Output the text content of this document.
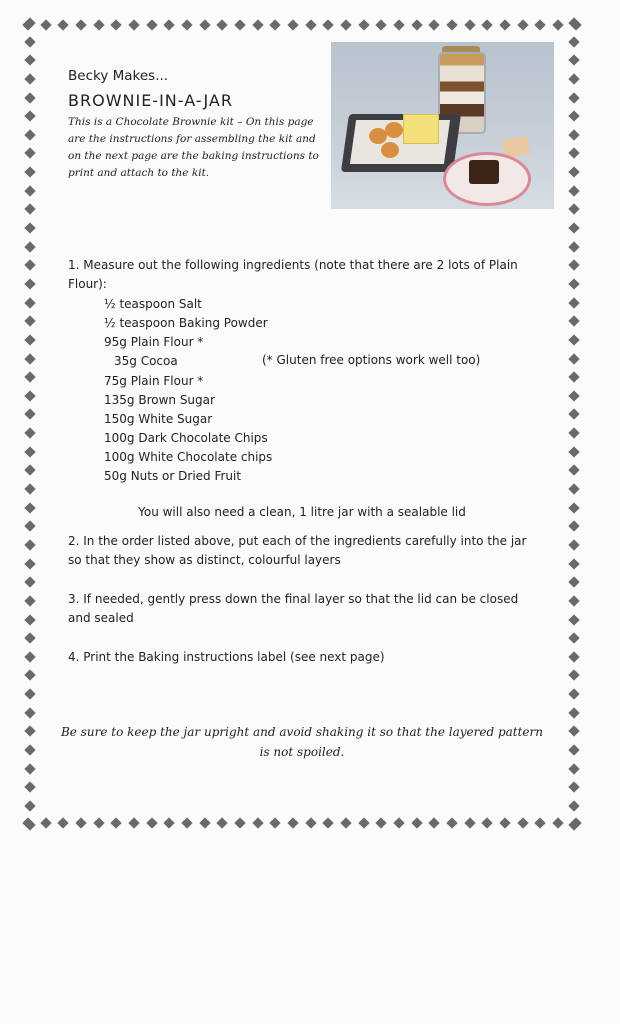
Becky Makes...
BROWNIE-IN-A-JAR
This is a Chocolate Brownie kit – On this page are the instructions for assembling the kit and on the next page are the baking instructions to print and attach to the kit.
1. Measure out the following ingredients (note that there are 2 lots of Plain Flour):
½ teaspoon Salt
½ teaspoon Baking Powder
95g Plain Flour *
35g Cocoa	(* Gluten free options work well too)
75g Plain Flour *
135g Brown Sugar
150g White Sugar
100g Dark Chocolate Chips
100g White Chocolate chips
50g Nuts or Dried Fruit
You will also need a clean, 1 litre jar with a sealable lid
2. In the order listed above, put each of the ingredients carefully into the jar so that they show as distinct, colourful layers
3. If needed, gently press down the final layer so that the lid can be closed and sealed
4. Print the Baking instructions label (see next page)
Be sure to keep the jar upright and avoid shaking it so that the layered pattern is not spoiled.
